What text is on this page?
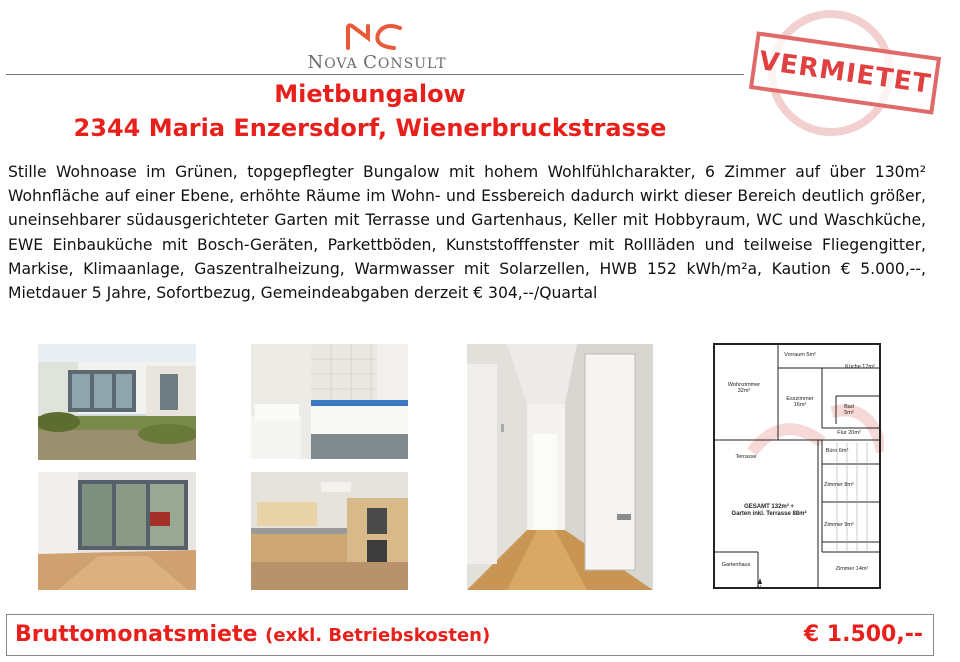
NOVA CONSULT	VERMIETET
Mietbungalow
2344 Maria Enzersdorf, Wienerbruckstrasse
Stille Wohnoase im Grünen, topgepflegter Bungalow mit hohem Wohlfühlcharakter, 6 Zimmer auf über 130m² Wohnfläche auf einer Ebene, erhöhte Räume im Wohn- und Essbereich dadurch wirkt dieser Bereich deutlich größer, uneinsehbarer südausgerichteter Garten mit Terrasse und Gartenhaus, Keller mit Hobbyraum, WC und Waschküche, EWE Einbauküche mit Bosch-Geräten, Parkettböden, Kunststofffenster mit Rollläden und teilweise Fliegengitter, Markise, Klimaanlage, Gaszentralheizung, Warmwasser mit Solarzellen, HWB 152 kWh/m²a, Kaution € 5.000,--, Mietdauer 5 Jahre, Sofortbezug, Gemeindeabgaben derzeit € 304,--/Quartal
Vorraum 5m²
Küche 17m²
Wohnzimmer 32m²
Esszimmer 16m²	Bad 5m²
Flur 20m²
Terrasse
Büro 6m²
Zimmer 8m²
Zimmer 9m²
Gartenhaus
Zimmer 14m²
GESAMT 132m² +
Garten inkl. Terrasse 88m²
N
Bruttomonatsmiete (exkl. Betriebskosten)	€ 1.500,--
